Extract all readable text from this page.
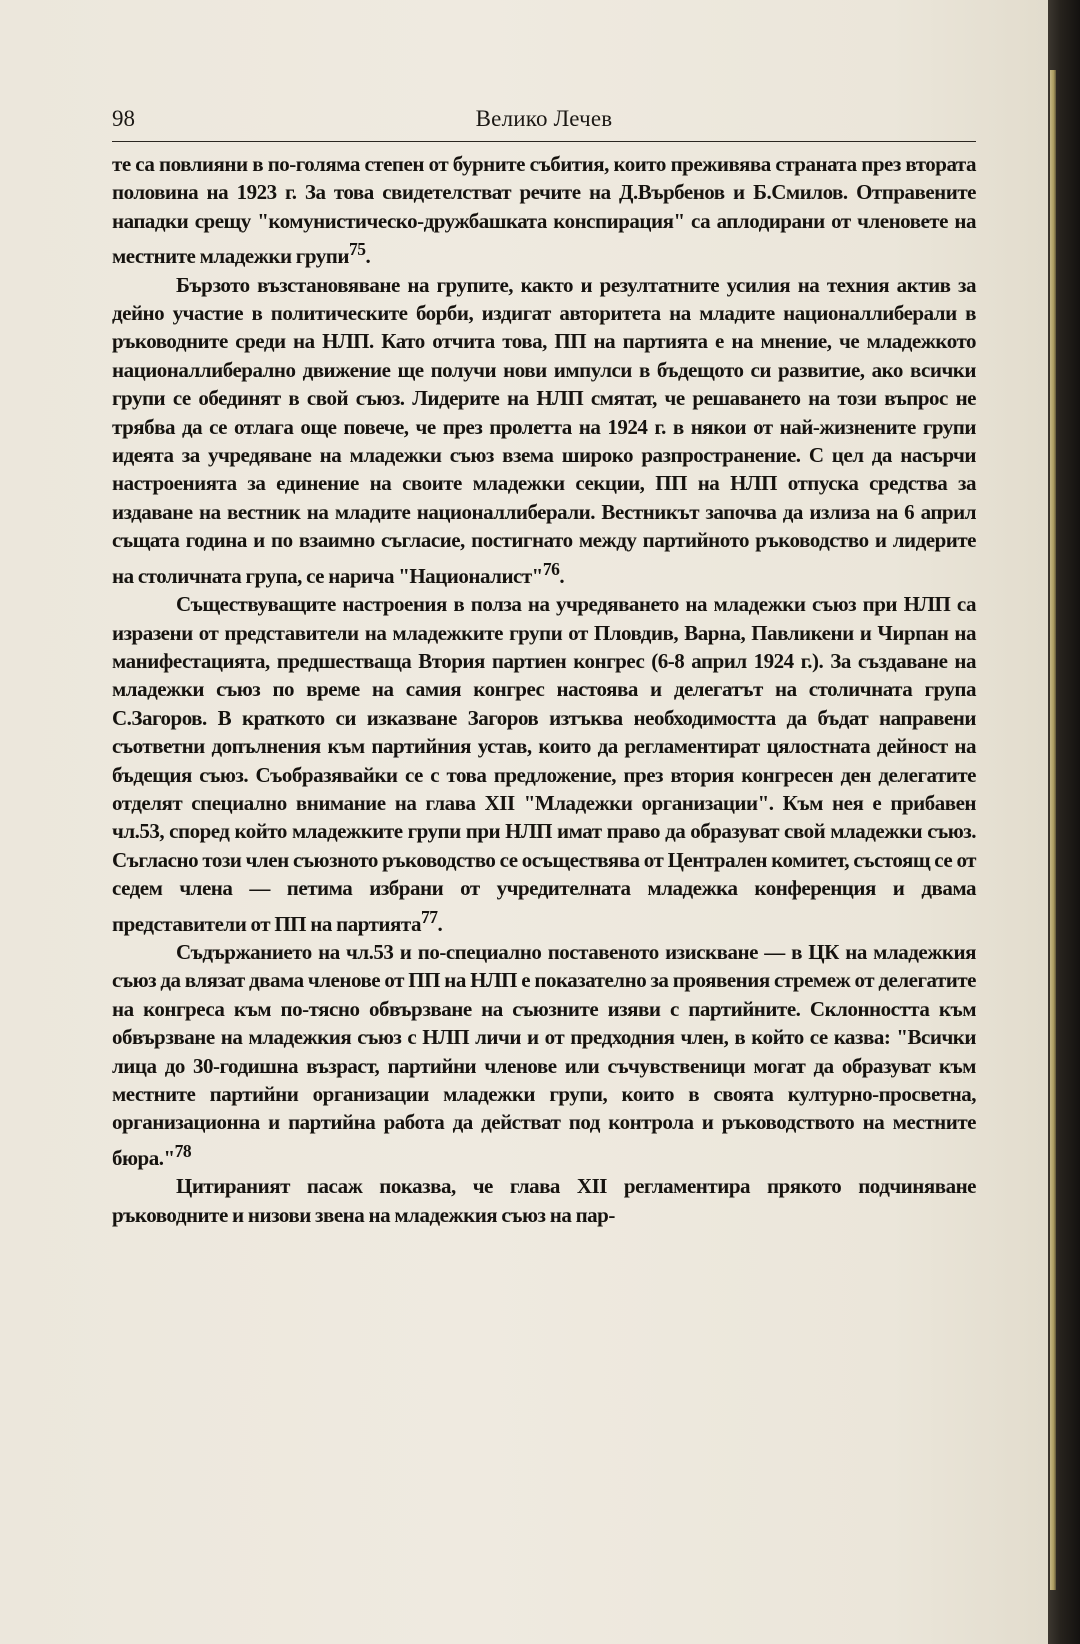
98	Велико Лечев

те са повлияни в по-голяма степен от бурните събития, които преживява страната през втората половина на 1923 г. За това свидетелстват речите на Д.Върбенов и Б.Смилов. Отправените нападки срещу "комунистическо-дружбашката конспирация" са аплодирани от членовете на местните младежки групи$^{75}$.

Бързото възстановяване на групите, както и резултатните усилия на техния актив за дейно участие в политическите борби, издигат авторитета на младите националлиберали в ръководните среди на НЛП. Като отчита това, ПП на партията е на мнение, че младежкото националлиберално движение ще получи нови импулси в бъдещото си развитие, ако всички групи се обединят в свой съюз. Лидерите на НЛП смятат, че решаването на този въпрос не трябва да се отлага още повече, че през пролетта на 1924 г. в някои от най-жизнените групи идеята за учредяване на младежки съюз взема широко разпространение. С цел да насърчи настроенията за единение на своите младежки секции, ПП на НЛП отпуска средства за издаване на вестник на младите националлиберали. Вестникът започва да излиза на 6 април същата година и по взаимно съгласие, постигнато между партийното ръководство и лидерите на столичната група, се нарича "Националист"$^{76}$.

Съществуващите настроения в полза на учредяването на младежки съюз при НЛП са изразени от представители на младежките групи от Пловдив, Варна, Павликени и Чирпан на манифестацията, предшестваща Втория партиен конгрес (6-8 април 1924 г.). За създаване на младежки съюз по време на самия конгрес настоява и делегатът на столичната група С.Загоров. В краткото си изказване Загоров изтъква необходимостта да бъдат направени съответни допълнения към партийния устав, които да регламентират цялостната дейност на бъдещия съюз. Съобразявайки се с това предложение, през втория конгресен ден делегатите отделят специално внимание на глава XII "Младежки организации". Към нея е прибавен чл.53, според който младежките групи при НЛП имат право да образуват свой младежки съюз. Съгласно този член съюзното ръководство се осъществява от Централен комитет, състоящ се от седем члена — петима избрани от учредителната младежка конференция и двама представители от ПП на партията$^{77}$.

Съдържанието на чл.53 и по-специално поставеното изискване — в ЦК на младежкия съюз да влязат двама членове от ПП на НЛП е показателно за проявения стремеж от делегатите на конгреса към по-тясно обвързване на съюзните изяви с партийните. Склонността към обвързване на младежкия съюз с НЛП личи и от предходния член, в който се казва: "Всички лица до 30-годишна възраст, партийни членове или съчувственици могат да образуват към местните партийни организации младежки групи, които в своята културно-просветна, организационна и партийна работа да действат под контрола и ръководството на местните бюра."$^{78}$

Цитираният пасаж показва, че глава XII регламентира прякото подчиняване ръководните и низови звена на младежкия съюз на пар-
